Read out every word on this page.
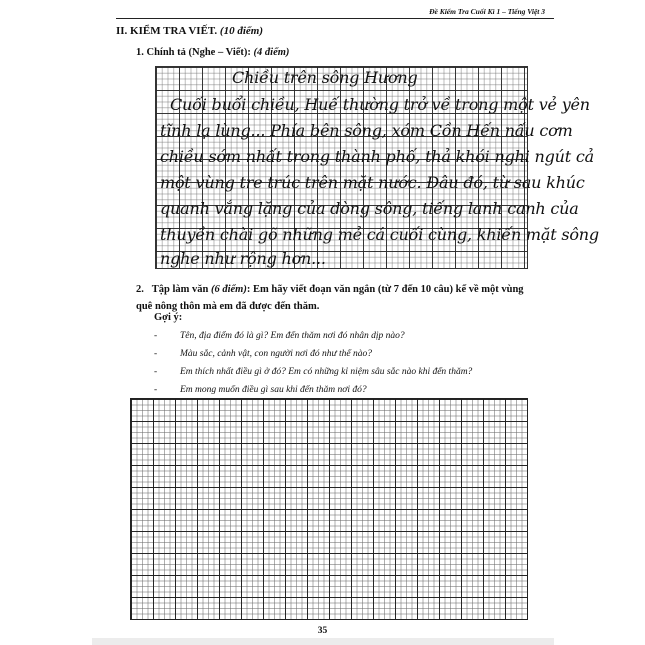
Đề Kiểm Tra Cuối Kì 1 – Tiếng Việt 3
II. KIỂM TRA VIẾT. (10 điểm)
1. Chính tả (Nghe – Viết): (4 điểm)
Chiều trên sông Hương
Cuối buổi chiều, Huế thường trở về trong một vẻ yên
tĩnh lạ lùng... Phía bên sông, xóm Cồn Hến nấu cơm
chiều sớm nhất trong thành phố, thả khói nghi ngút cả
một vùng tre trúc trên mặt nước. Đâu đó, từ sau khúc
quanh vắng lặng của dòng sông, tiếng lanh canh của
thuyền chài gõ những mẻ cá cuối cùng, khiến mặt sông
nghe như rộng hơn...
2. Tập làm văn (6 điểm): Em hãy viết đoạn văn ngắn (từ 7 đến 10 câu) kể về một vùng quê nông thôn mà em đã được đến thăm.
Gợi ý:
- Tên, địa điểm đó là gì? Em đến thăm nơi đó nhân dịp nào?
- Màu sắc, cảnh vật, con người nơi đó như thế nào?
- Em thích nhất điều gì ở đó? Em có những kỉ niệm sâu sắc nào khi đến thăm?
- Em mong muốn điều gì sau khi đến thăm nơi đó?
35
